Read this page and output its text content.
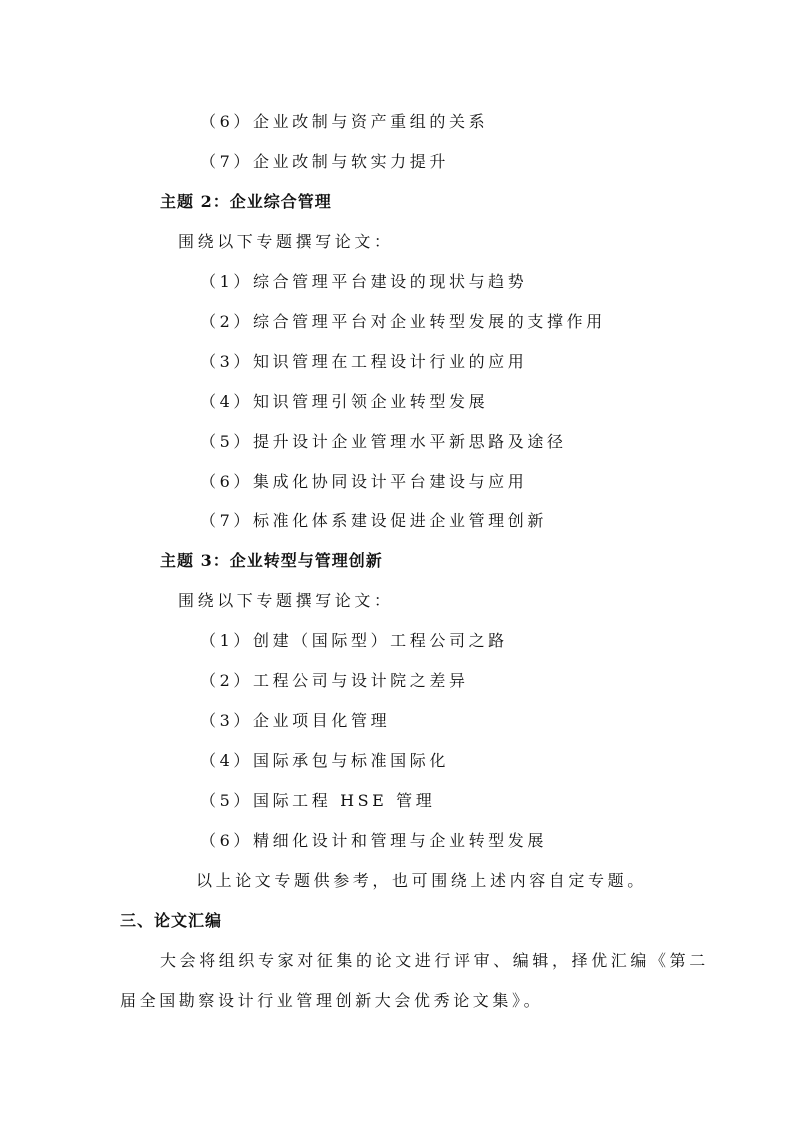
（6）企业改制与资产重组的关系
（7）企业改制与软实力提升
主题 2：企业综合管理
围绕以下专题撰写论文：
（1）综合管理平台建设的现状与趋势
（2）综合管理平台对企业转型发展的支撑作用
（3）知识管理在工程设计行业的应用
（4）知识管理引领企业转型发展
（5）提升设计企业管理水平新思路及途径
（6）集成化协同设计平台建设与应用
（7）标准化体系建设促进企业管理创新
主题 3：企业转型与管理创新
围绕以下专题撰写论文：
（1）创建（国际型）工程公司之路
（2）工程公司与设计院之差异
（3）企业项目化管理
（4）国际承包与标准国际化
（5）国际工程 HSE 管理
（6）精细化设计和管理与企业转型发展
以上论文专题供参考，也可围绕上述内容自定专题。
三、论文汇编
大会将组织专家对征集的论文进行评审、编辑，择优汇编《第二
届全国勘察设计行业管理创新大会优秀论文集》。
